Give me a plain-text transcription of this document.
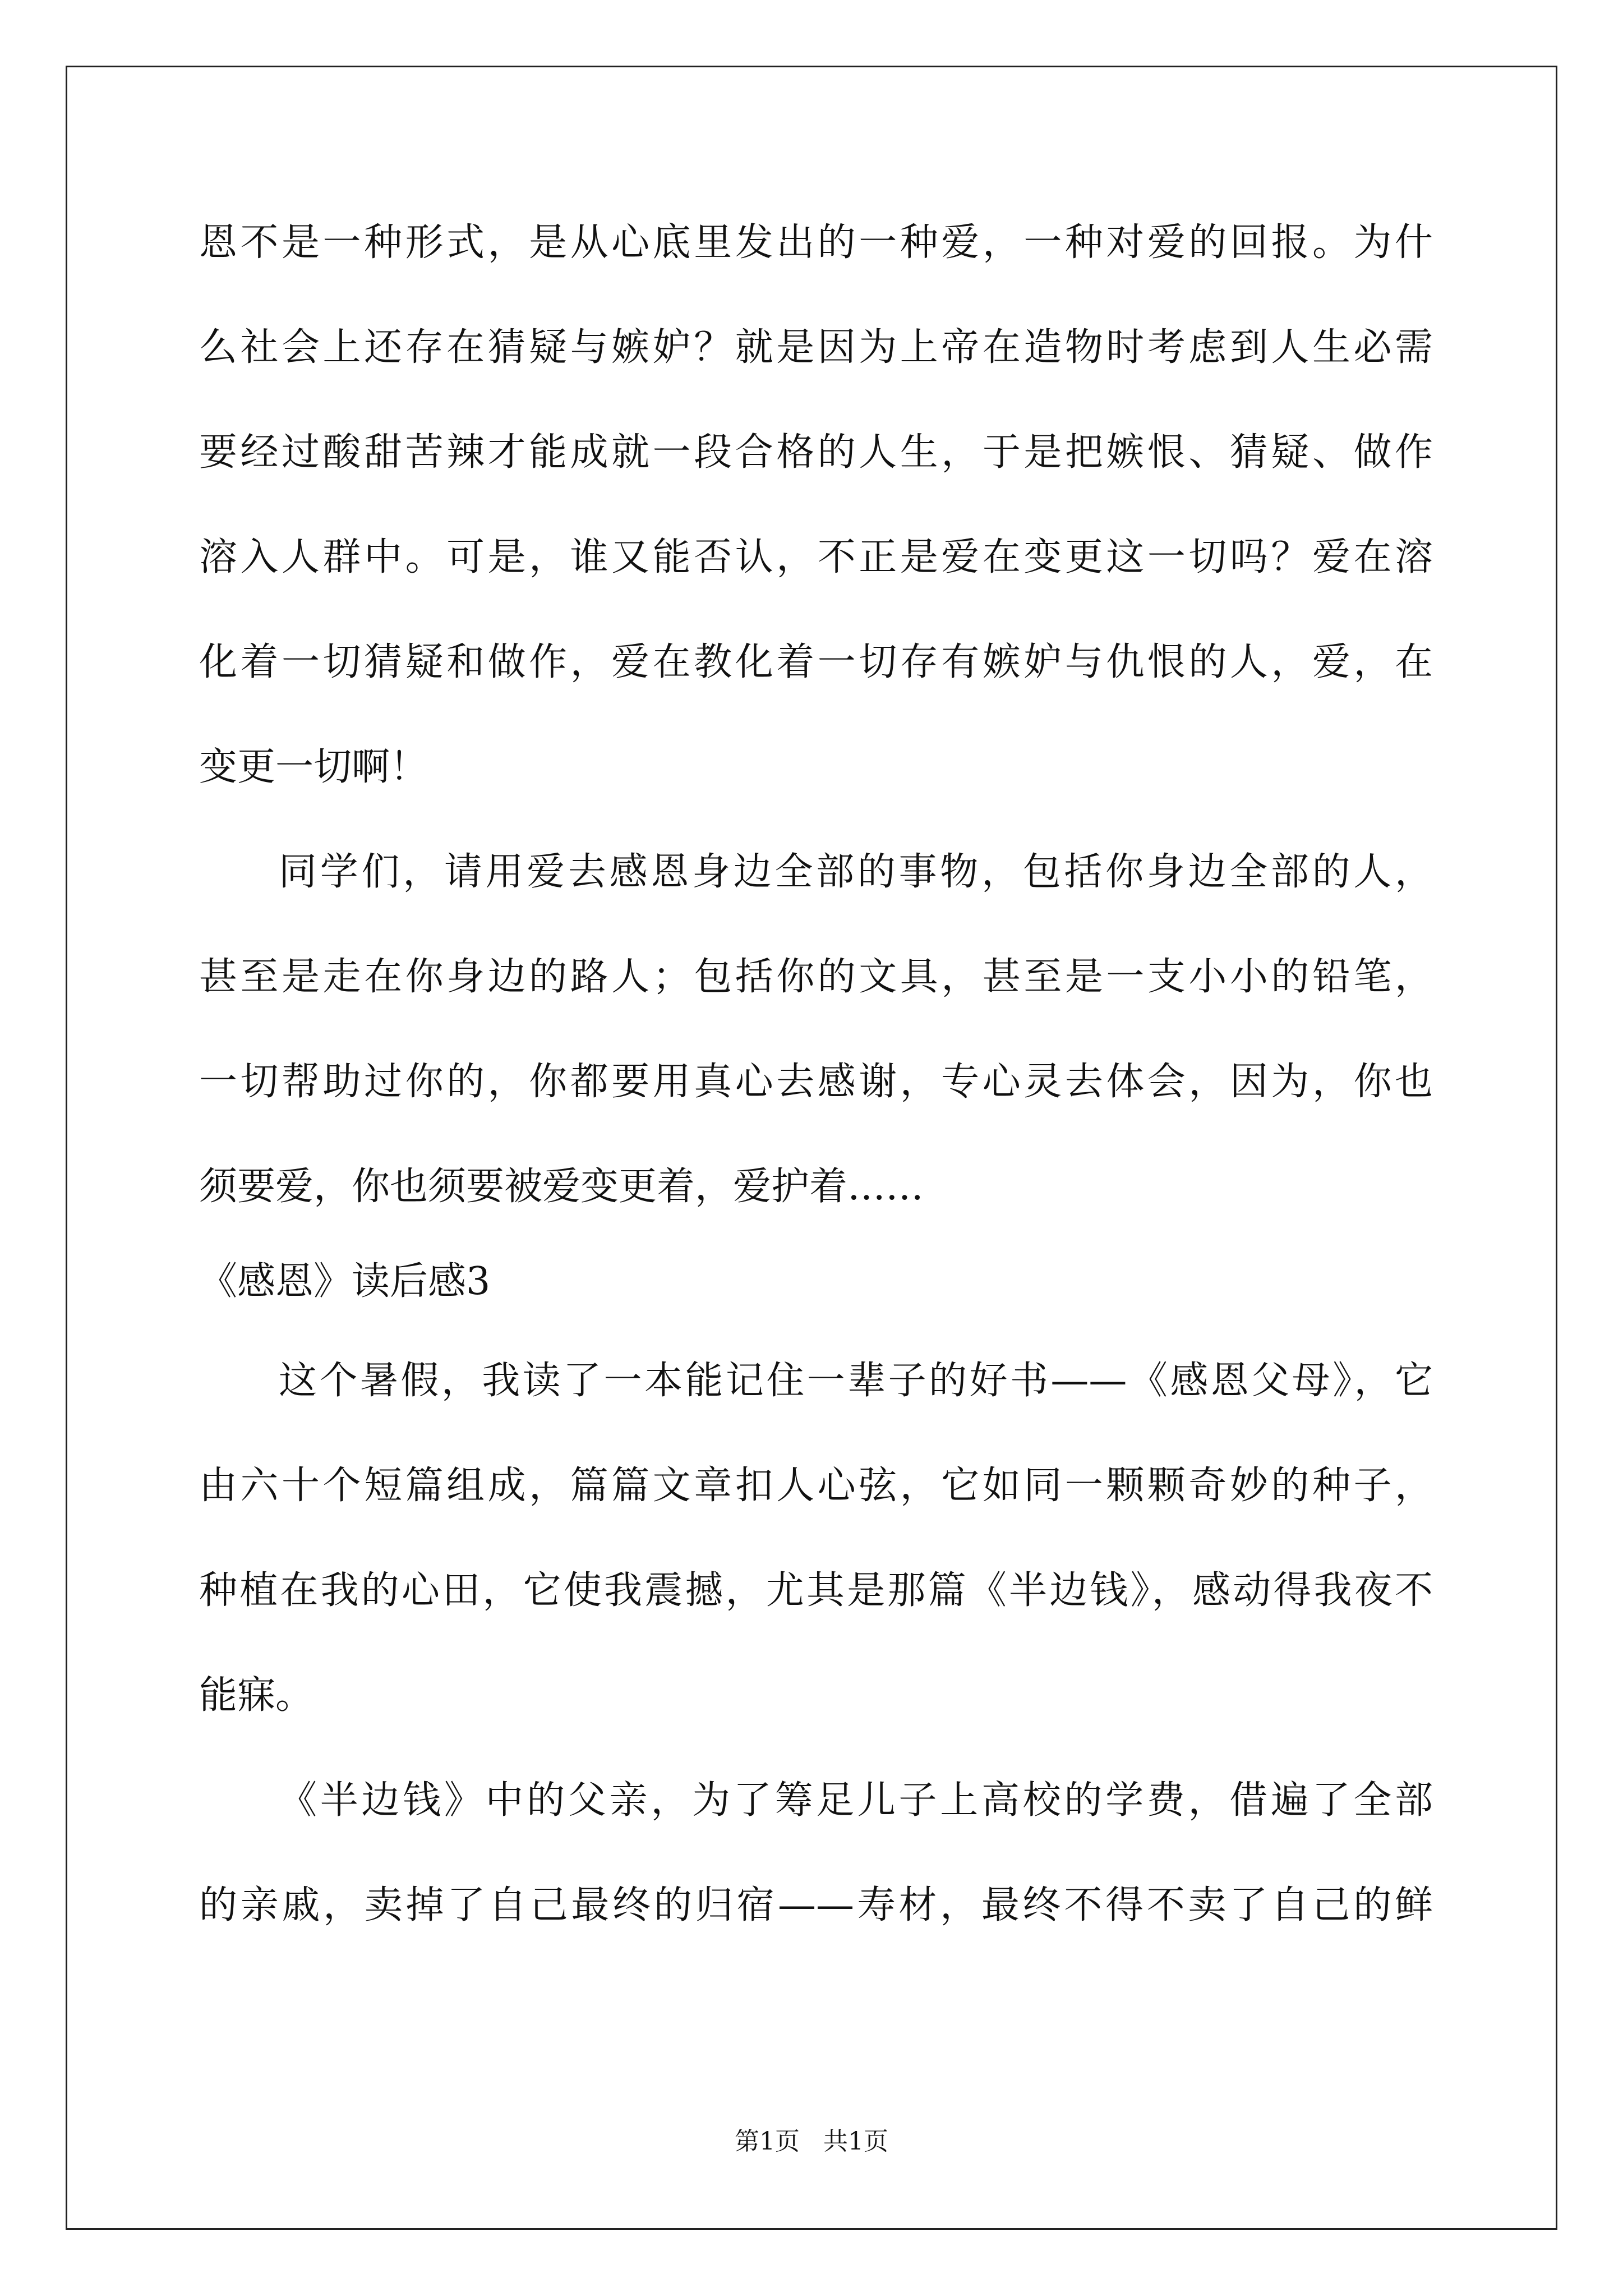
恩不是一种形式，是从心底里发出的一种爱，一种对爱的回报。为什
么社会上还存在猜疑与嫉妒？就是因为上帝在造物时考虑到人生必需
要经过酸甜苦辣才能成就一段合格的人生，于是把嫉恨、猜疑、做作
溶入人群中。可是，谁又能否认，不正是爱在变更这一切吗？爱在溶
化着一切猜疑和做作，爱在教化着一切存有嫉妒与仇恨的人，爱，在
变更一切啊！
同学们，请用爱去感恩身边全部的事物，包括你身边全部的人，
甚至是走在你身边的路人；包括你的文具，甚至是一支小小的铅笔，
一切帮助过你的，你都要用真心去感谢，专心灵去体会，因为，你也
须要爱，你也须要被爱变更着，爱护着……
《感恩》读后感3
这个暑假，我读了一本能记住一辈子的好书——《感恩父母》，它
由六十个短篇组成，篇篇文章扣人心弦，它如同一颗颗奇妙的种子，
种植在我的心田，它使我震撼，尤其是那篇《半边钱》，感动得我夜不
能寐。
《半边钱》中的父亲，为了筹足儿子上高校的学费，借遍了全部
的亲戚，卖掉了自己最终的归宿——寿材，最终不得不卖了自己的鲜
第1页   共1页
